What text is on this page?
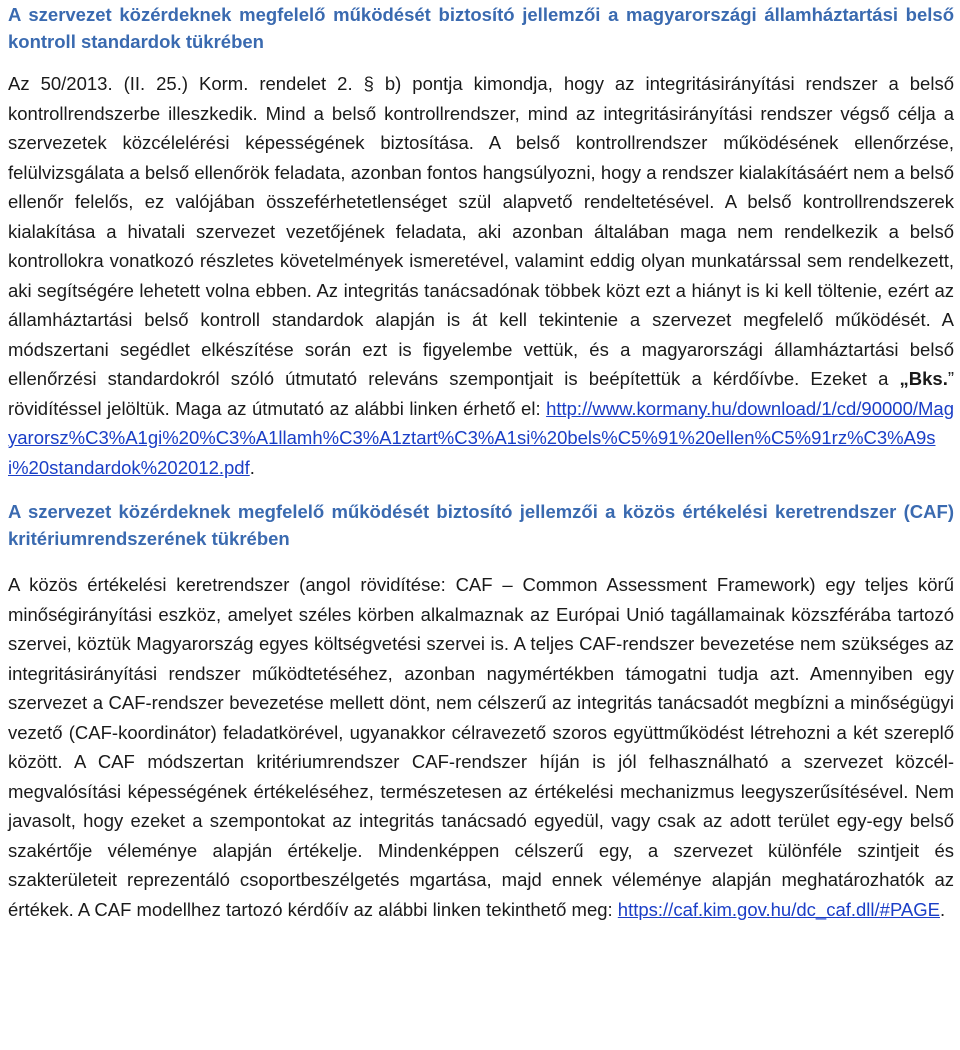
A szervezet közérdeknek megfelelő működését biztosító jellemzői a magyarországi államháztartási belső kontroll standardok tükrében

Az 50/2013. (II. 25.) Korm. rendelet 2. § b) pontja kimondja, hogy az integritásirányítási rendszer a belső kontrollrendszerbe illeszkedik. Mind a belső kontrollrendszer, mind az integritásirányítási rendszer végső célja a szervezetek közcélelérési képességének biztosítása. A belső kontrollrendszer működésének ellenőrzése, felülvizsgálata a belső ellenőrök feladata, azonban fontos hangsúlyozni, hogy a rendszer kialakításáért nem a belső ellenőr felelős, ez valójában összeférhetetlenséget szül alapvető rendeltetésével. A belső kontrollrendszerek kialakítása a hivatali szervezet vezetőjének feladata, aki azonban általában maga nem rendelkezik a belső kontrollokra vonatkozó részletes követelmények ismeretével, valamint eddig olyan munkatárssal sem rendelkezett, aki segítségére lehetett volna ebben. Az integritás tanácsadónak többek közt ezt a hiányt is ki kell töltenie, ezért az államháztartási belső kontroll standardok alapján is át kell tekintenie a szervezet megfelelő működését. A módszertani segédlet elkészítése során ezt is figyelembe vettük, és a magyarországi államháztartási belső ellenőrzési standardokról szóló útmutató releváns szempontjait is beépítettük a kérdőívbe. Ezeket a „Bks.” rövidítéssel jelöltük. Maga az útmutató az alábbi linken érhető el: http://www.kormany.hu/download/1/cd/90000/Magyarorsz%C3%A1gi%20%C3%A1llamh%C3%A1ztart%C3%A1si%20bels%C5%91%20ellen%C5%91rz%C3%A9si%20standardok%202012.pdf.

A szervezet közérdeknek megfelelő működését biztosító jellemzői a közös értékelési keretrendszer (CAF) kritériumrendszerének tükrében

A közös értékelési keretrendszer (angol rövidítése: CAF – Common Assessment Framework) egy teljes körű minőségirányítási eszköz, amelyet széles körben alkalmaznak az Európai Unió tagállamainak közszférába tartozó szervei, köztük Magyarország egyes költségvetési szervei is. A teljes CAF-rendszer bevezetése nem szükséges az integritásirányítási rendszer működtetéséhez, azonban nagymértékben támogatni tudja azt. Amennyiben egy szervezet a CAF-rendszer bevezetése mellett dönt, nem célszerű az integritás tanácsadót megbízni a minőségügyi vezető (CAF-koordinátor) feladatkörével, ugyanakkor célravezető szoros együttműködést létrehozni a két szereplő között. A CAF módszertan kritériumrendszer CAF-rendszer híján is jól felhasználható a szervezet közcél-megvalósítási képességének értékeléséhez, természetesen az értékelési mechanizmus leegyszerűsítésével. Nem javasolt, hogy ezeket a szempontokat az integritás tanácsadó egyedül, vagy csak az adott terület egy-egy belső szakértője véleménye alapján értékelje. Mindenképpen célszerű egy, a szervezet különféle szintjeit és szakterületeit reprezentáló csoportbeszélgetés mgartása, majd ennek véleménye alapján meghatározhatók az értékek. A CAF modellhez tartozó kérdőív az alábbi linken tekinthető meg: https://caf.kim.gov.hu/dc_caf.dll/#PAGE.
